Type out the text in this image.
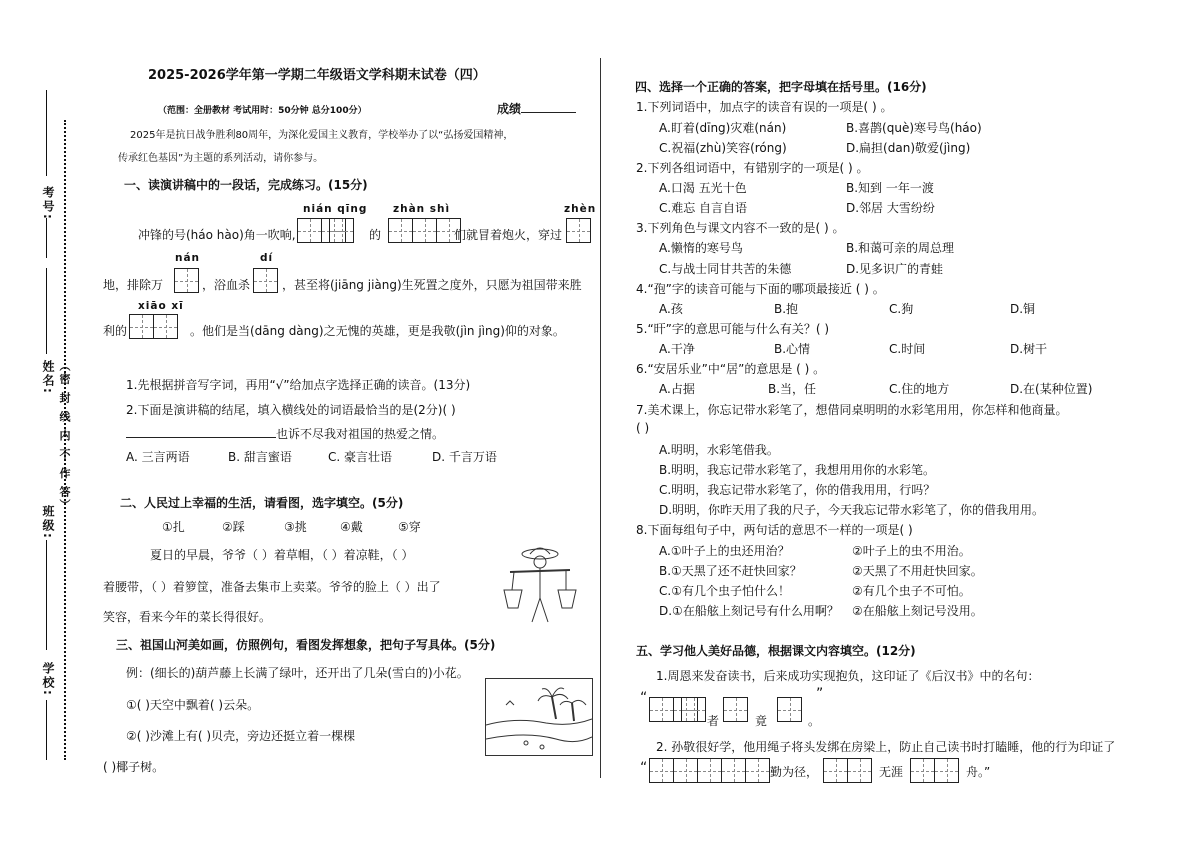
考号:
姓名: （密 封 线 内 不 作 答）
班级:
学校:
2025-2026学年第一学期二年级语文学科期末试卷（四）
（范围：全册教材 考试用时：50分钟 总分100分）	成绩
2025年是抗日战争胜利80周年，为深化爱国主义教育，学校举办了以“弘扬爱国精神，
传承红色基因”为主题的系列活动，请你参与。
一、读演讲稿中的一段话，完成练习。(15分)
nián qīng zhàn shì	zhèn
冲锋的号(háo hào)角一吹响,	的	们就冒着炮火，穿过
nán	dí
地，排除万	，浴血杀	，甚至将(jiāng jiàng)生死置之度外，只愿为祖国带来胜
xiāo xī
利的	。他们是当(dāng dàng)之无愧的英雄，更是我敬(jìn jìng)仰的对象。
1.先根据拼音写字词，再用“√”给加点字选择正确的读音。(13分)
2.下面是演讲稿的结尾，填入横线处的词语最恰当的是(2分)( )
也诉不尽我对祖国的热爱之情。
A. 三言两语	B. 甜言蜜语	C. 豪言壮语	D. 千言万语
二、人民过上幸福的生活，请看图，选字填空。(5分)
①扎	②踩	③挑	④戴	⑤穿
夏日的早晨，爷爷（ ）着草帽，（ ）着凉鞋，（ ）
着腰带，（ ）着箩筐，准备去集市上卖菜。爷爷的脸上（ ）出了
笑容，看来今年的菜长得很好。
三、祖国山河美如画，仿照例句，看图发挥想象，把句子写具体。(5分)
例：(细长的)葫芦藤上长满了绿叶，还开出了几朵(雪白的)小花。
①( )天空中飘着( )云朵。
②( )沙滩上有( )贝壳，旁边还挺立着一棵棵
( )椰子树。
四、选择一个正确的答案，把字母填在括号里。(16分)
1.下列词语中，加点字的读音有误的一项是( ) 。
A.盯着(dīng)灾难(nán)	B.喜鹊(què)寒号鸟(háo)
C.祝福(zhù)笑容(róng)	D.扁担(dan)敬爱(jìng)
2.下列各组词语中，有错别字的一项是( ) 。
A.口渴 五光十色	B.知到 一年一渡
C.难忘 自言自语	D.邻居 大雪纷纷
3.下列角色与课文内容不一致的是( ) 。
A.懒惰的寒号鸟	B.和蔼可亲的周总理
C.与战士同甘共苦的朱德	D.见多识广的青蛙
4.“孢”字的读音可能与下面的哪项最接近 ( ) 。
A.孩	B.抱	C.狗	D.铜
5.“旰”字的意思可能与什么有关？( )
A.干净	B.心情	C.时间	D.树干
6.“安居乐业”中“居”的意思是 ( ) 。
A.占据	B.当，任	C.住的地方	D.在(某种位置)
7.美术课上，你忘记带水彩笔了，想借同桌明明的水彩笔用用，你怎样和他商量。
( )
A.明明，水彩笔借我。
B.明明，我忘记带水彩笔了，我想用用你的水彩笔。
C.明明，我忘记带水彩笔了，你的借我用用，行吗？
D.明明，你昨天用了我的尺子，今天我忘记带水彩笔了，你的借我用用。
8.下面每组句子中，两句话的意思不一样的一项是( )
A.①叶子上的虫还用治？	②叶子上的虫不用治。
B.①天黑了还不赶快回家？	②天黑了不用赶快回家。
C.①有几个虫子怕什么！	②有几个虫子不可怕。
D.①在船舷上刻记号有什么用啊？ ②在船舷上刻记号没用。
五、学习他人美好品德，根据课文内容填空。(12分)
1.周恩来发奋读书，后来成功实现抱负，这印证了《后汉书》中的名句：
“
者	竟
”
。
2. 孙敬很好学，他用绳子将头发绑在房梁上，防止自己读书时打瞌睡，他的行为印证了
“	勤为径，	无涯	舟。”
